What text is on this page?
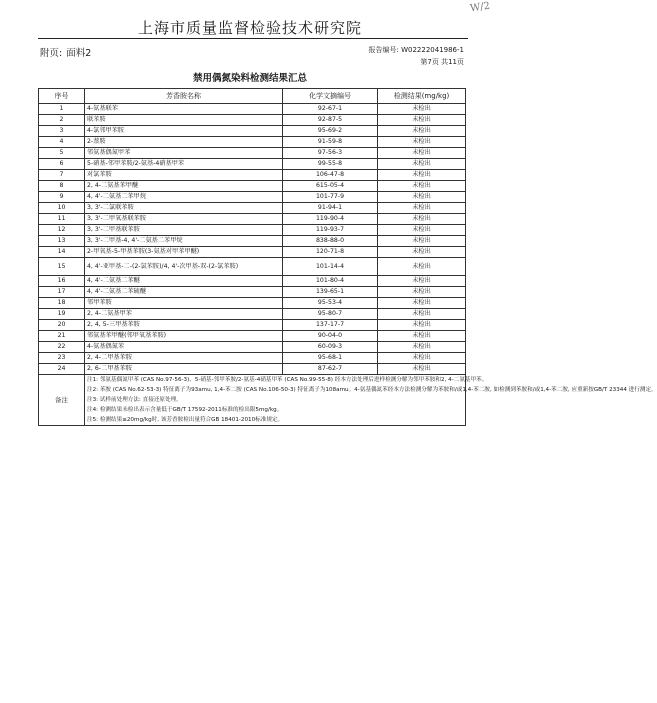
上海市质量监督检验技术研究院
W/2
附页: 面料2	报告编号: W02222041986-1
第7页 共11页
禁用偶氮染料检测结果汇总
序号	芳香胺名称	化学文摘编号	检测结果(mg/kg)
1	4-氨基联苯	92-67-1	未检出
2	联苯胺	92-87-5	未检出
3	4-氯邻甲苯胺	95-69-2	未检出
4	2-萘胺	91-59-8	未检出
5	邻氨基偶氮甲苯	97-56-3	未检出
6	5-硝基-邻甲苯胺/2-氨基-4硝基甲苯	99-55-8	未检出
7	对氯苯胺	106-47-8	未检出
8	2, 4-二氨基苯甲醚	615-05-4	未检出
9	4, 4'-二氨基二苯甲烷	101-77-9	未检出
10	3, 3'-二氯联苯胺	91-94-1	未检出
11	3, 3'-二甲氧基联苯胺	119-90-4	未检出
12	3, 3'-二甲基联苯胺	119-93-7	未检出
13	3, 3'-二甲基-4, 4'-二氨基二苯甲烷	838-88-0	未检出
14	2-甲氧基-5-甲基苯胺(3-氨基对甲苯甲醚)	120-71-8	未检出
15	4, 4'-亚甲基-二-(2-氯苯胺)/4, 4'-次甲基-双-(2-氯苯胺)	101-14-4	未检出
16	4, 4'-二氨基二苯醚	101-80-4	未检出
17	4, 4'-二氨基二苯硫醚	139-65-1	未检出
18	邻甲苯胺	95-53-4	未检出
19	2, 4-二氨基甲苯	95-80-7	未检出
20	2, 4, 5-三甲基苯胺	137-17-7	未检出
21	邻氨基苯甲醚(邻甲氧基苯胺)	90-04-0	未检出
22	4-氨基偶氮苯	60-09-3	未检出
23	2, 4-二甲基苯胺	95-68-1	未检出
24	2, 6-二甲基苯胺	87-62-7	未检出
备注	注1: 邻氨基偶氮甲苯 (CAS No.97-56-3)、5-硝基-邻甲苯胺/2-氨基-4硝基甲苯 (CAS No.99-55-8) 经本方法处理后进样检测分解为邻甲苯胺和2, 4-二氨基甲苯。
注2: 苯胺 (CAS No.62-53-3) 特征离子为93amu, 1,4-苯二胺 (CAS No.106-50-3) 特征离子为108amu。4-氨基偶氮苯经本方法检测分解为苯胺和/或1,4-苯二胺, 如检测到苯胺和/或1,4-苯二胺, 应重新按GB/T 23344 进行测定。
注3: 试样前处理方法: 直接还原处理。
注4: 检测结果未检出表示含量低于GB/T 17592-2011标准的检出限5mg/kg。
注5: 检测结果≤20mg/kg时, 该芳香胺检出量符合GB 18401-2010标准规定。		
